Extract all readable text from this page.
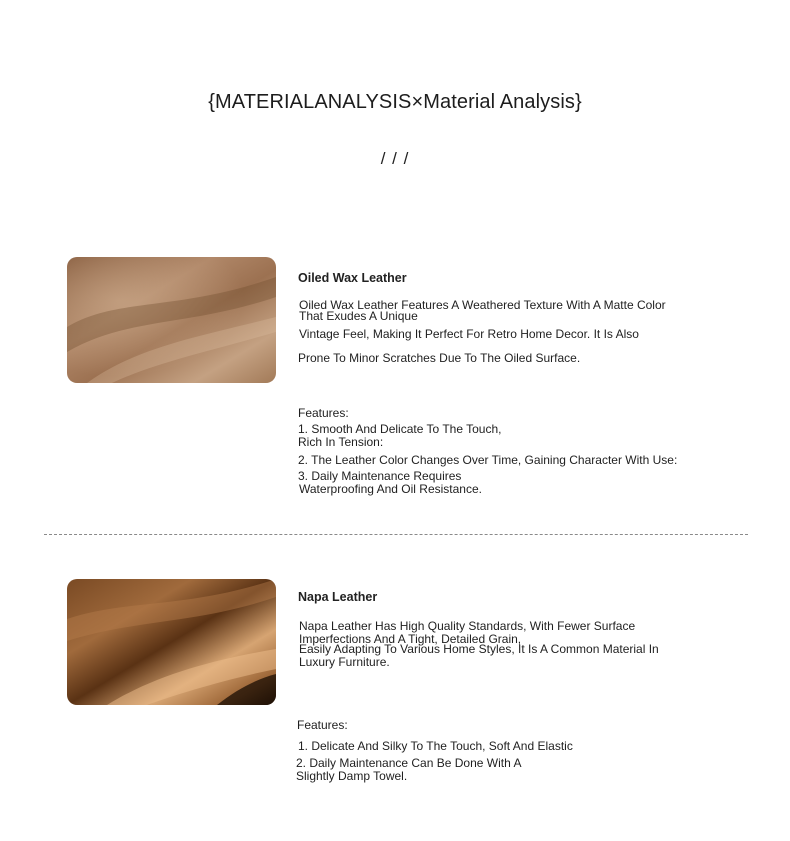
{MATERIALANALYSIS×Material Analysis}
/ / /
Oiled Wax Leather
Oiled Wax Leather Features A Weathered Texture With A Matte Color
That Exudes A Unique
Vintage Feel, Making It Perfect For Retro Home Decor. It Is Also
Prone To Minor Scratches Due To The Oiled Surface.
Features:
1. Smooth And Delicate To The Touch,
Rich In Tension:
2. The Leather Color Changes Over Time, Gaining Character With Use:
3. Daily Maintenance Requires
Waterproofing And Oil Resistance.
Napa Leather
Napa Leather Has High Quality Standards, With Fewer Surface
Imperfections And A Tight, Detailed Grain,
Easily Adapting To Various Home Styles, It Is A Common Material In
Luxury Furniture.
Features:
1. Delicate And Silky To The Touch, Soft And Elastic
2. Daily Maintenance Can Be Done With A
Slightly Damp Towel.
